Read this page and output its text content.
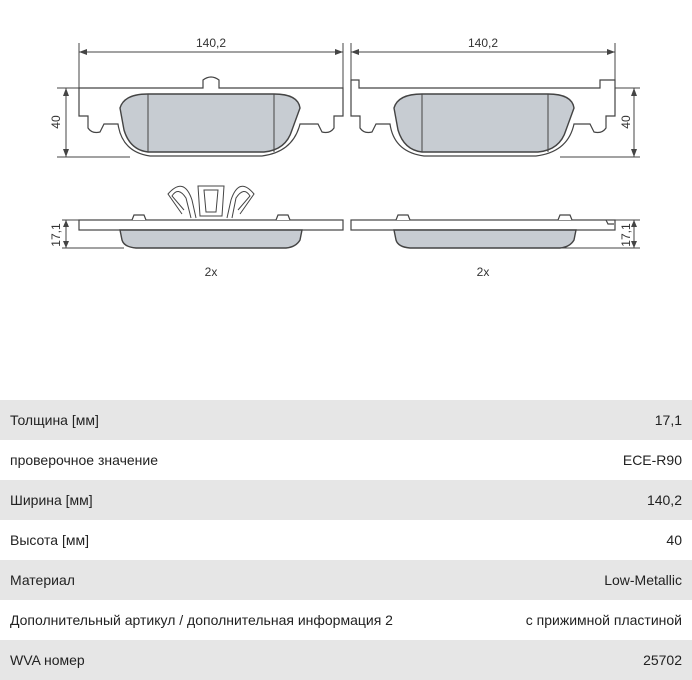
140,2
40
140,2
40
17,1
2x
17,1
2x
Толщина [мм]	17,1
проверочное значение	ECE-R90
Ширина [мм]	140,2
Высота [мм]	40
Материал	Low-Metallic
Дополнительный артикул / дополнительная информация 2	с прижимной пластиной
WVA номер	25702
